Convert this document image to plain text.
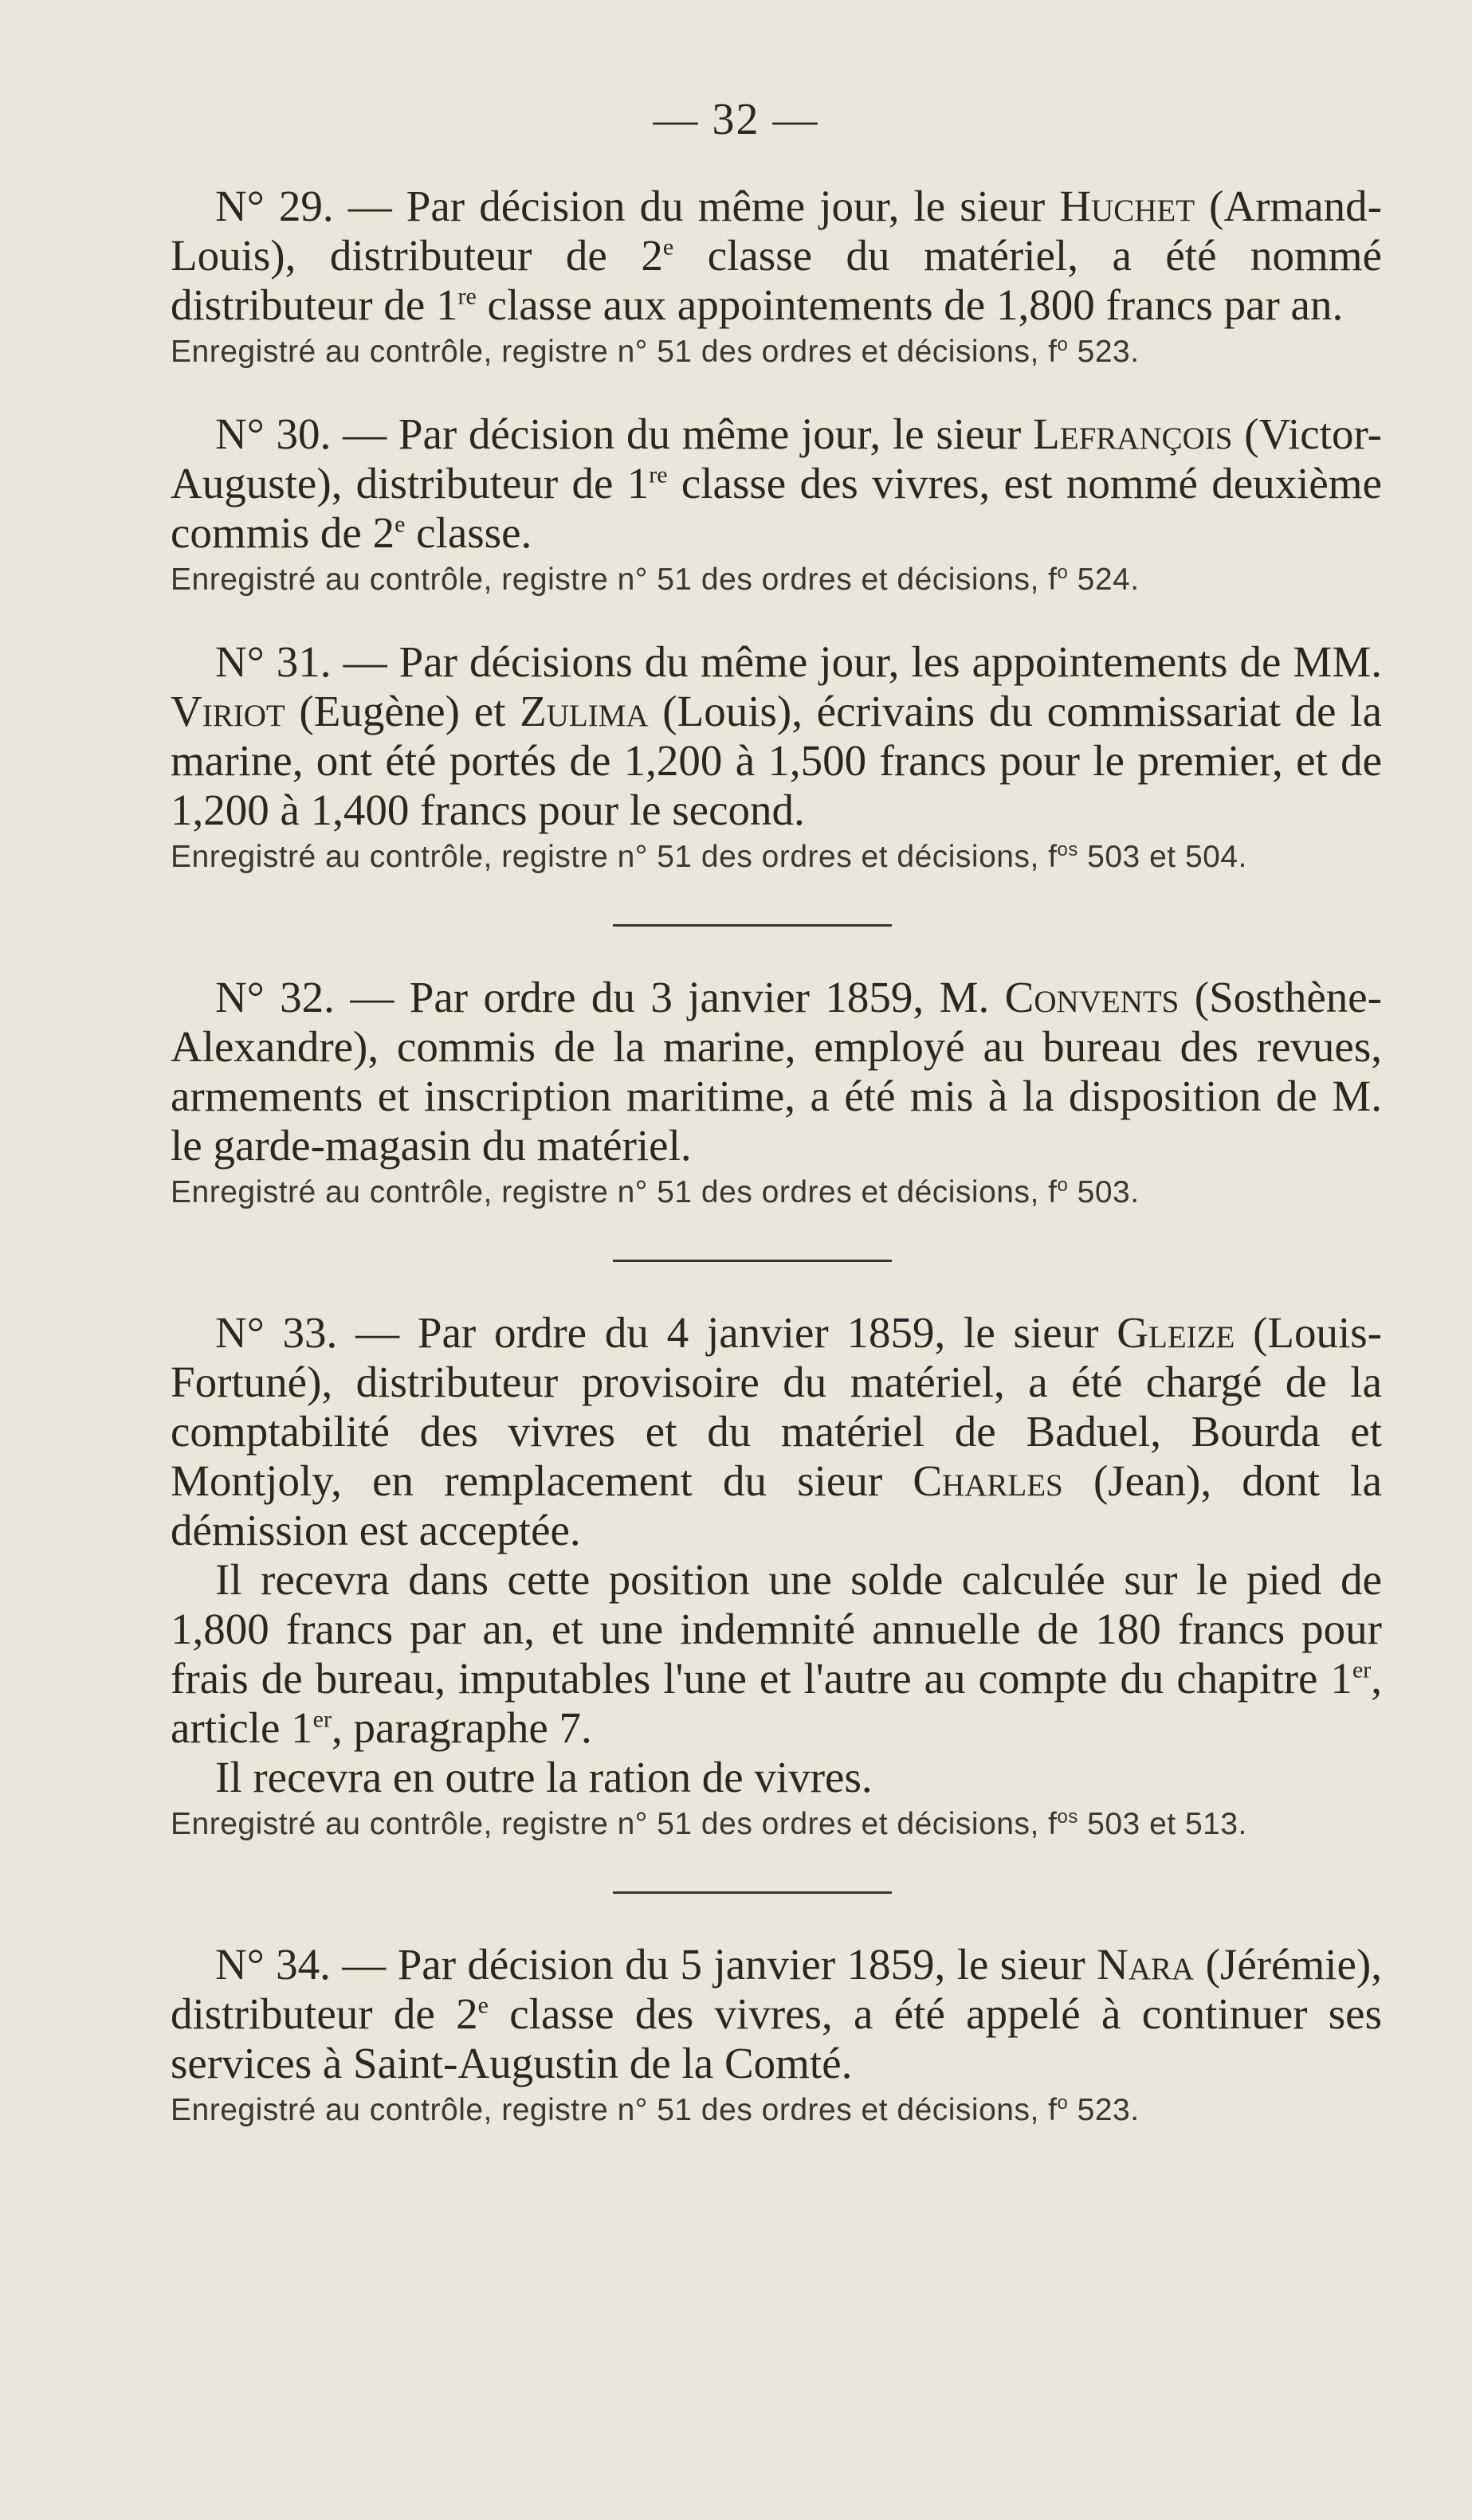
— 32 —

N° 29. — Par décision du même jour, le sieur Huchet (Armand-Louis), distributeur de 2e classe du matériel, a été nommé distributeur de 1re classe aux appointements de 1,800 francs par an.

Enregistré au contrôle, registre n° 51 des ordres et décisions, $f^o$ 523.

N° 30. — Par décision du même jour, le sieur Lefrançois (Victor-Auguste), distributeur de 1re classe des vivres, est nommé deuxième commis de 2e classe.

Enregistré au contrôle, registre n° 51 des ordres et décisions, $f^o$ 524.

N° 31. — Par décisions du même jour, les appointements de MM. Viriot (Eugène) et Zulima (Louis), écrivains du commissariat de la marine, ont été portés de 1,200 à 1,500 francs pour le premier, et de 1,200 à 1,400 francs pour le second.

Enregistré au contrôle, registre n° 51 des ordres et décisions, $f^{os}$ 503 et 504.

N° 32. — Par ordre du 3 janvier 1859, M. Convents (Sosthène-Alexandre), commis de la marine, employé au bureau des revues, armements et inscription maritime, a été mis à la disposition de M. le garde-magasin du matériel.

Enregistré au contrôle, registre n° 51 des ordres et décisions, $f^o$ 503.

N° 33. — Par ordre du 4 janvier 1859, le sieur Gleize (Louis-Fortuné), distributeur provisoire du matériel, a été chargé de la comptabilité des vivres et du matériel de Baduel, Bourda et Montjoly, en remplacement du sieur Charles (Jean), dont la démission est acceptée.

Il recevra dans cette position une solde calculée sur le pied de 1,800 francs par an, et une indemnité annuelle de 180 francs pour frais de bureau, imputables l'une et l'autre au compte du chapitre 1er, article 1er, paragraphe 7.

Il recevra en outre la ration de vivres.

Enregistré au contrôle, registre n° 51 des ordres et décisions, $f^{os}$ 503 et 513.

N° 34. — Par décision du 5 janvier 1859, le sieur Nara (Jérémie), distributeur de 2e classe des vivres, a été appelé à continuer ses services à Saint-Augustin de la Comté.

Enregistré au contrôle, registre n° 51 des ordres et décisions, $f^o$ 523.
